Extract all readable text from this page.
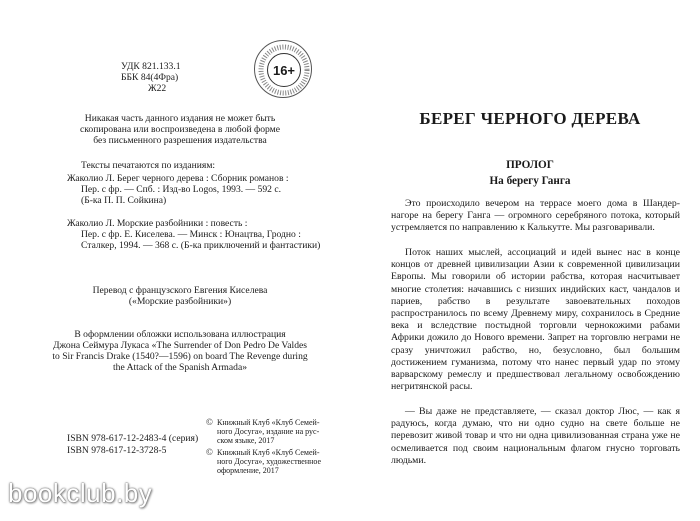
УДК 821.133.1
ББК 84(4Фра)
Ж22
16+
Никакая часть данного издания не может быть
скопирована или воспроизведена в любой форме
без письменного разрешения издательства
Тексты печатаются по изданиям:
Жаколио Л. Берег черного дерева : Сборник романов :
Пер. с фр. — Спб. : Изд-во Logos, 1993. — 592 с.
(Б-ка П. П. Сойкина)
Жаколио Л. Морские разбойники : повесть :
Пер. с фр. Е. Киселева. — Минск : Юнацтва, Гродно :
Сталкер, 1994. — 368 с. (Б-ка приключений и фантастики)
Перевод с французского Евгения Киселева
(«Морские разбойники»)
В оформлении обложки использована иллюстрация
Джона Сеймура Лукаса «The Surrender of Don Pedro De Valdes
to Sir Francis Drake (1540?—1596) on board The Revenge during
the Attack of the Spanish Armada»
© Книжный Клуб «Клуб Семей-
ного Досуга», издание на рус-
ском языке, 2017
© Книжный Клуб «Клуб Семей-
ного Досуга», художественное
оформление, 2017
ISBN 978-617-12-2483-4 (серия)
ISBN 978-617-12-3728-5
БЕРЕГ ЧЕРНОГО ДЕРЕВА
ПРОЛОГ
На берегу Ганга
Это происходило вечером на террасе моего дома в Шандер-нагоре на берегу Ганга — огромного серебряного потока, который устремляется по направлению к Калькутте. Мы разговаривали.
Поток наших мыслей, ассоциаций и идей вынес нас в конце концов от древней цивилизации Азии к современной цивилизации Европы. Мы говорили об истории рабства, которая насчитывает многие столетия: начавшись с низших индийских каст, чандалов и париев, рабство в результате завоевательных походов распространилось по всему Древнему миру, сохранилось в Средние века и вследствие постыдной торговли чернокожими рабами Африки дожило до Нового времени. Запрет на торговлю неграми не сразу уничтожил рабство, но, безусловно, был большим достижением гуманизма, потому что нанес первый удар по этому варварскому ремеслу и предшествовал легальному освобождению негритянской расы.
— Вы даже не представляете, — сказал доктор Люс, — как я радуюсь, когда думаю, что ни одно судно на свете больше не перевозит живой товар и что ни одна цивилизованная страна уже не осмеливается под своим национальным флагом гнусно торговать людьми.
bookclub.by
